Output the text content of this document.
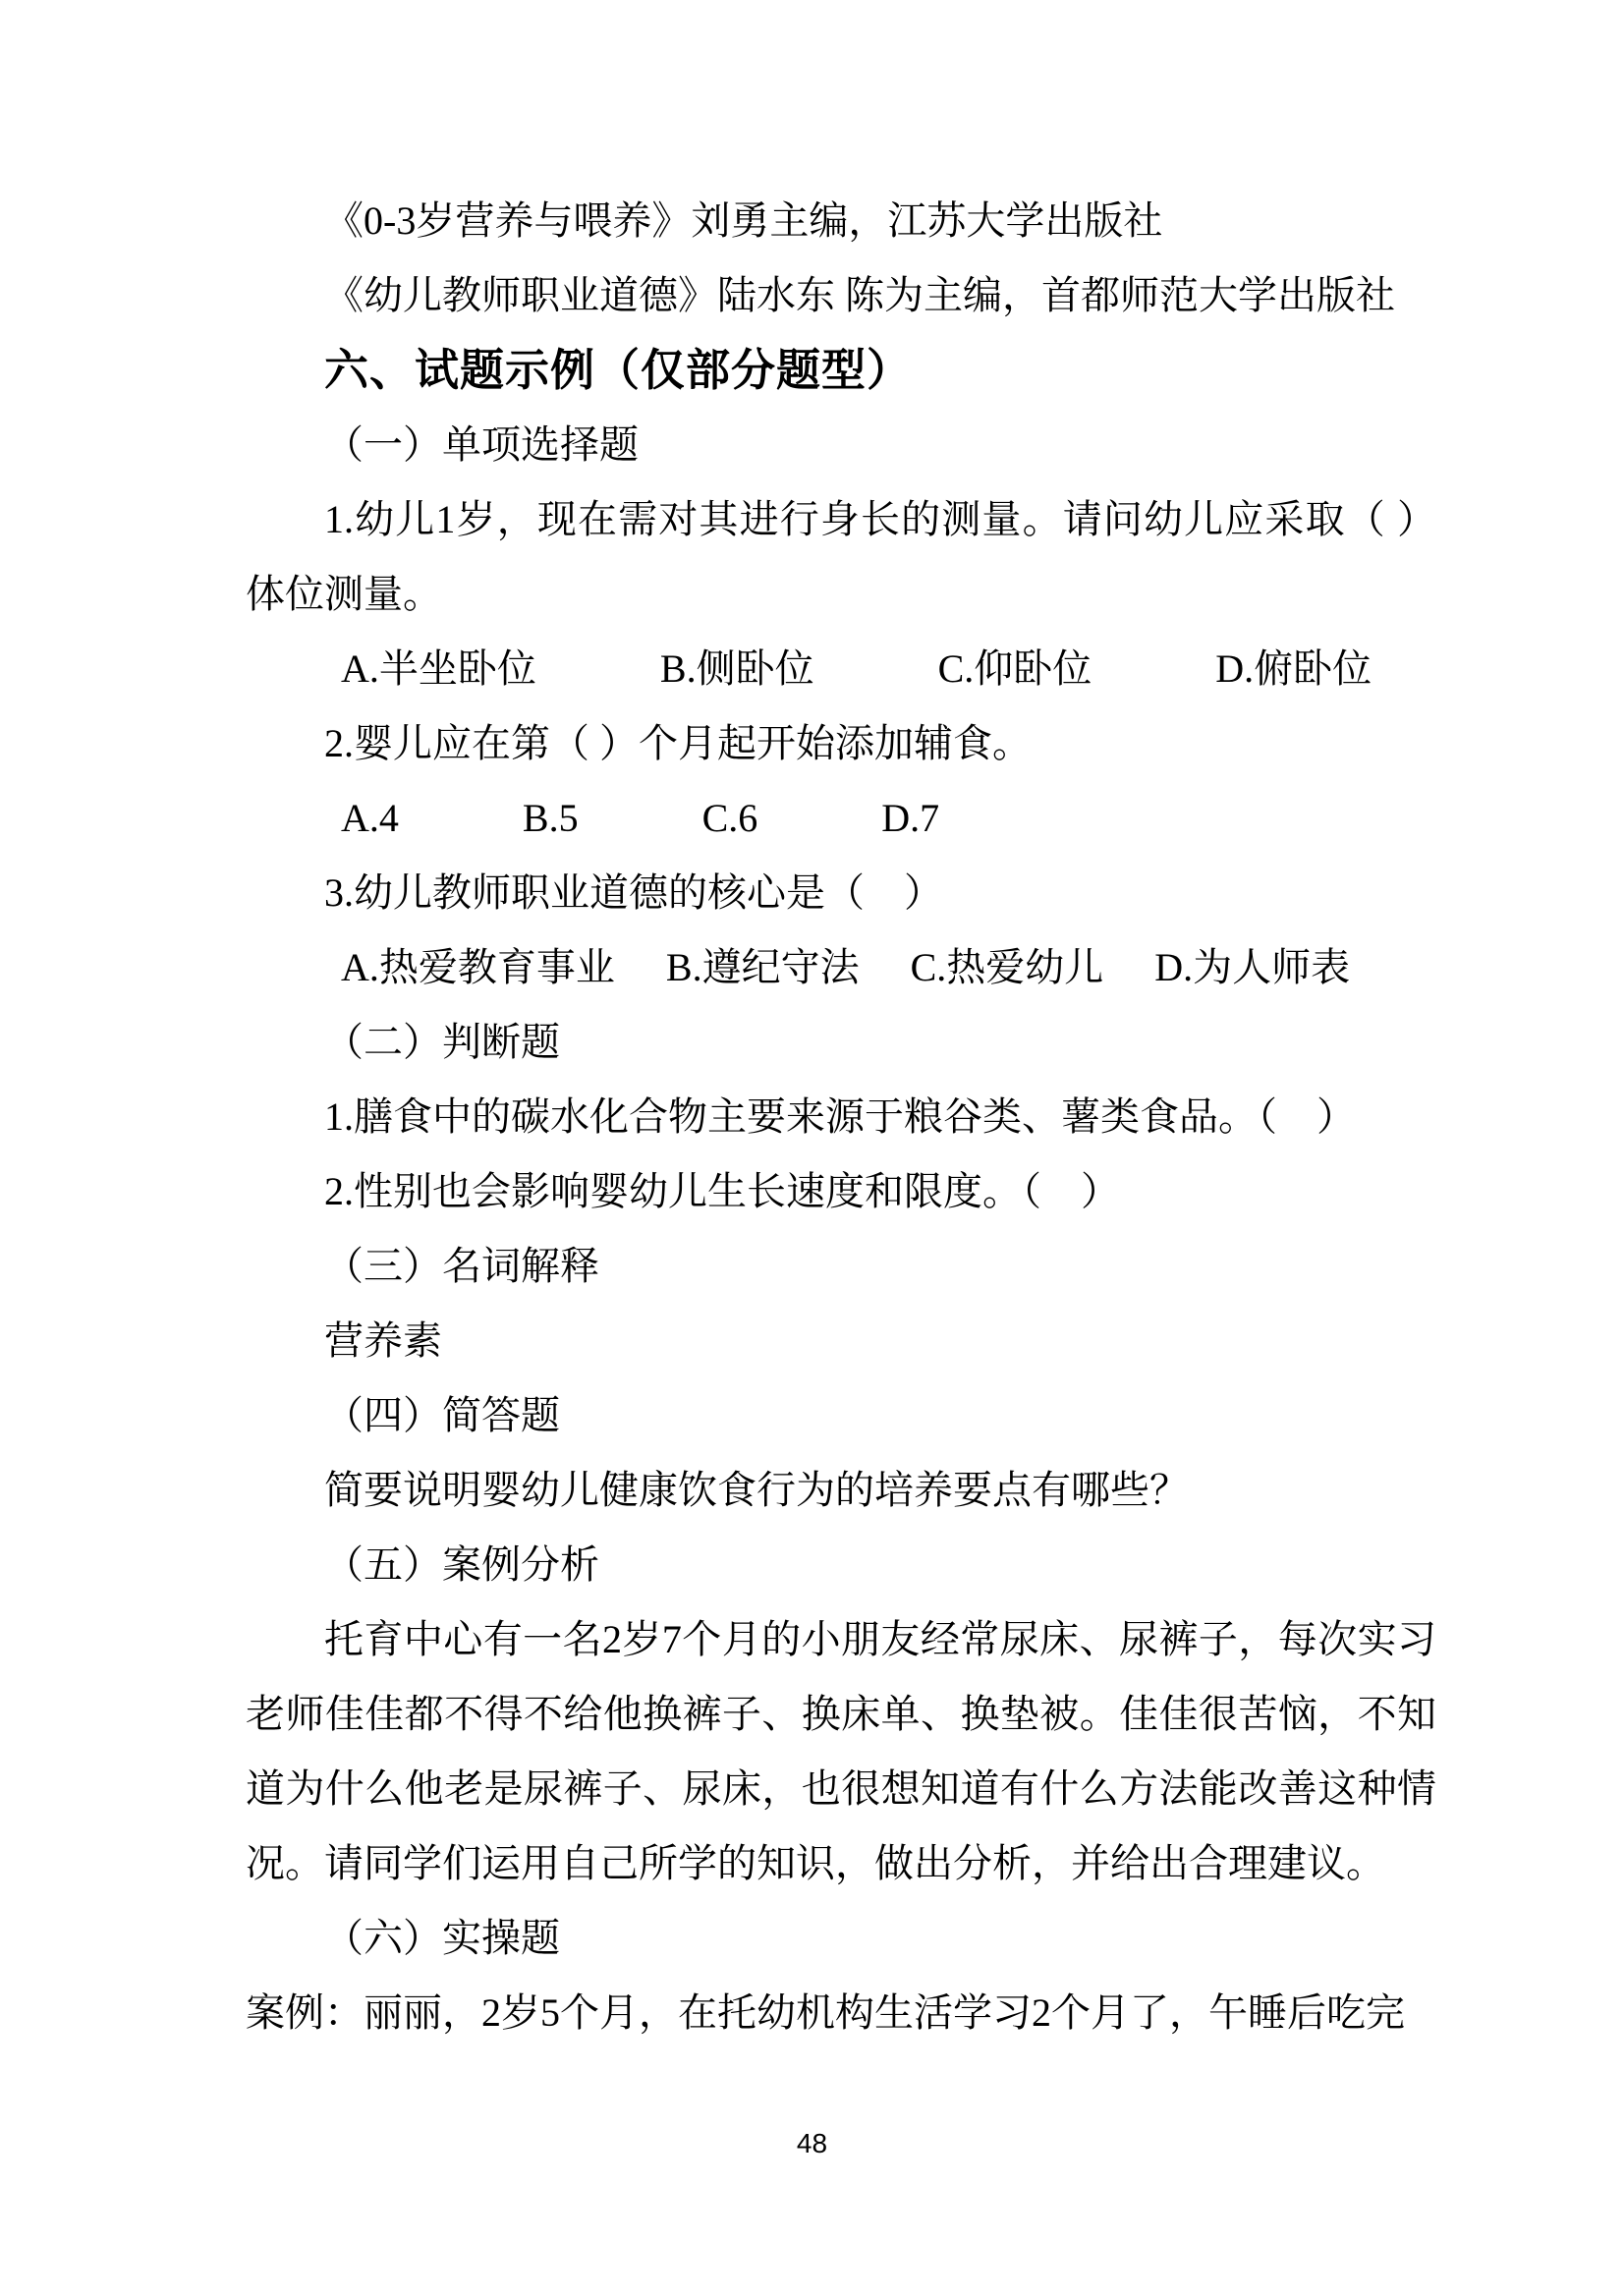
《0-3岁营养与喂养》刘勇主编，江苏大学出版社

《幼儿教师职业道德》陆水东 陈为主编，首都师范大学出版社

六、试题示例（仅部分题型）

（一）单项选择题

1.幼儿1岁，现在需对其进行身长的测量。请问幼儿应采取（ ）体位测量。

A.半坐卧位	B.侧卧位	C.仰卧位	D.俯卧位

2.婴儿应在第（ ）个月起开始添加辅食。

A.4	B.5	C.6	D.7

3.幼儿教师职业道德的核心是（　）

A.热爱教育事业 B.遵纪守法 C.热爱幼儿 D.为人师表

（二）判断题

1.膳食中的碳水化合物主要来源于粮谷类、薯类食品。（　）

2.性别也会影响婴幼儿生长速度和限度。（　）

（三）名词解释

营养素

（四）简答题

简要说明婴幼儿健康饮食行为的培养要点有哪些？

（五）案例分析

托育中心有一名2岁7个月的小朋友经常尿床、尿裤子，每次实习老师佳佳都不得不给他换裤子、换床单、换垫被。佳佳很苦恼，不知道为什么他老是尿裤子、尿床，也很想知道有什么方法能改善这种情况。请同学们运用自己所学的知识，做出分析，并给出合理建议。

（六）实操题

案例：丽丽，2岁5个月，在托幼机构生活学习2个月了，午睡后吃完

48
